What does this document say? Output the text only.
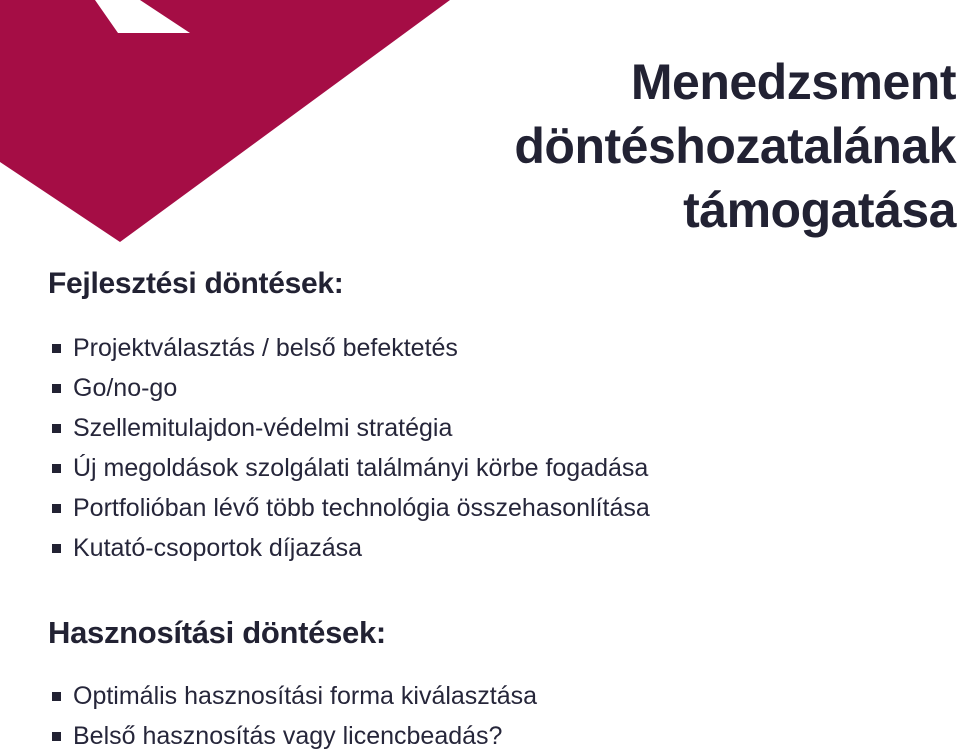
Menedzsment
döntéshozatalának
támogatása
Fejlesztési döntések:
Projektválasztás / belső befektetés
Go/no-go
Szellemitulajdon-védelmi stratégia
Új megoldások szolgálati találmányi körbe fogadása
Portfolióban lévő több technológia összehasonlítása
Kutató-csoportok díjazása
Hasznosítási döntések:
Optimális hasznosítási forma kiválasztása
Belső hasznosítás vagy licencbeadás?
